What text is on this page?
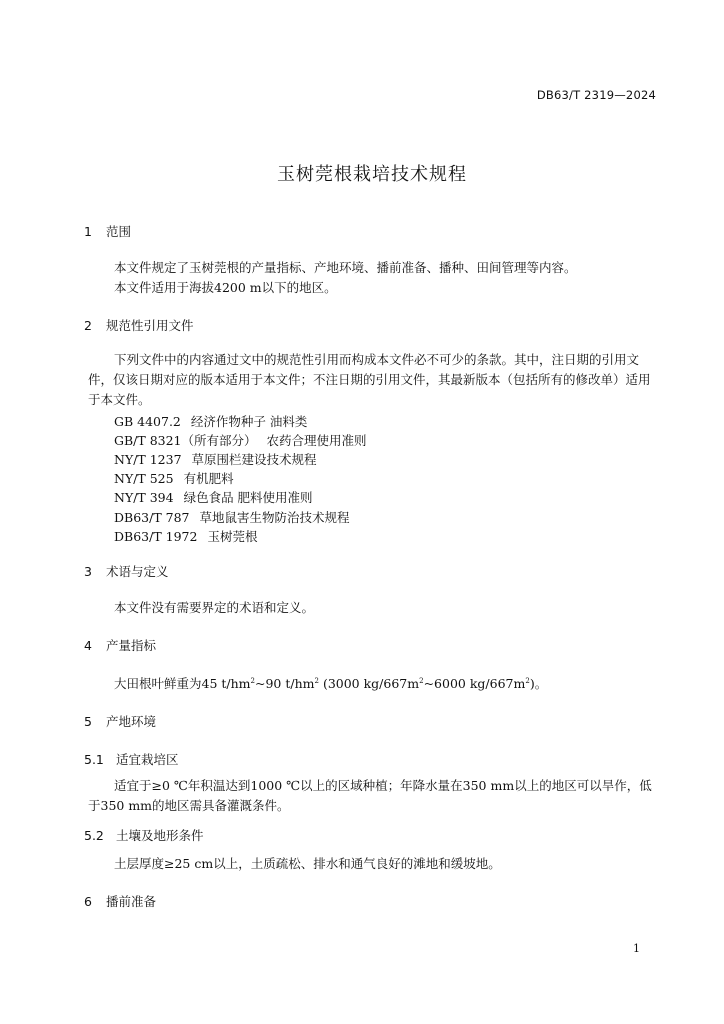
DB63/T 2319—2024
玉树莞根栽培技术规程
1 范围
本文件规定了玉树莞根的产量指标、产地环境、播前准备、播种、田间管理等内容。
本文件适用于海拔4200 m以下的地区。
2 规范性引用文件
下列文件中的内容通过文中的规范性引用而构成本文件必不可少的条款。其中，注日期的引用文件，仅该日期对应的版本适用于本文件；不注日期的引用文件，其最新版本（包括所有的修改单）适用于本文件。
GB 4407.2 经济作物种子 油料类
GB/T 8321（所有部分） 农药合理使用准则
NY/T 1237 草原围栏建设技术规程
NY/T 525 有机肥料
NY/T 394 绿色食品 肥料使用准则
DB63/T 787 草地鼠害生物防治技术规程
DB63/T 1972 玉树莞根
3 术语与定义
本文件没有需要界定的术语和定义。
4 产量指标
大田根叶鲜重为45 $t/hm^2\sim 90$ $t/hm^2$ (3000 $kg/667m^2\sim 6000$ $kg/667m^2$)。
5 产地环境
5.1 适宜栽培区
适宜于≥0 ℃年积温达到1000 ℃以上的区域种植；年降水量在350 mm以上的地区可以旱作，低于350 mm的地区需具备灌溉条件。
5.2 土壤及地形条件
土层厚度≥25 cm以上，土质疏松、排水和通气良好的滩地和缓坡地。
6 播前准备
1
